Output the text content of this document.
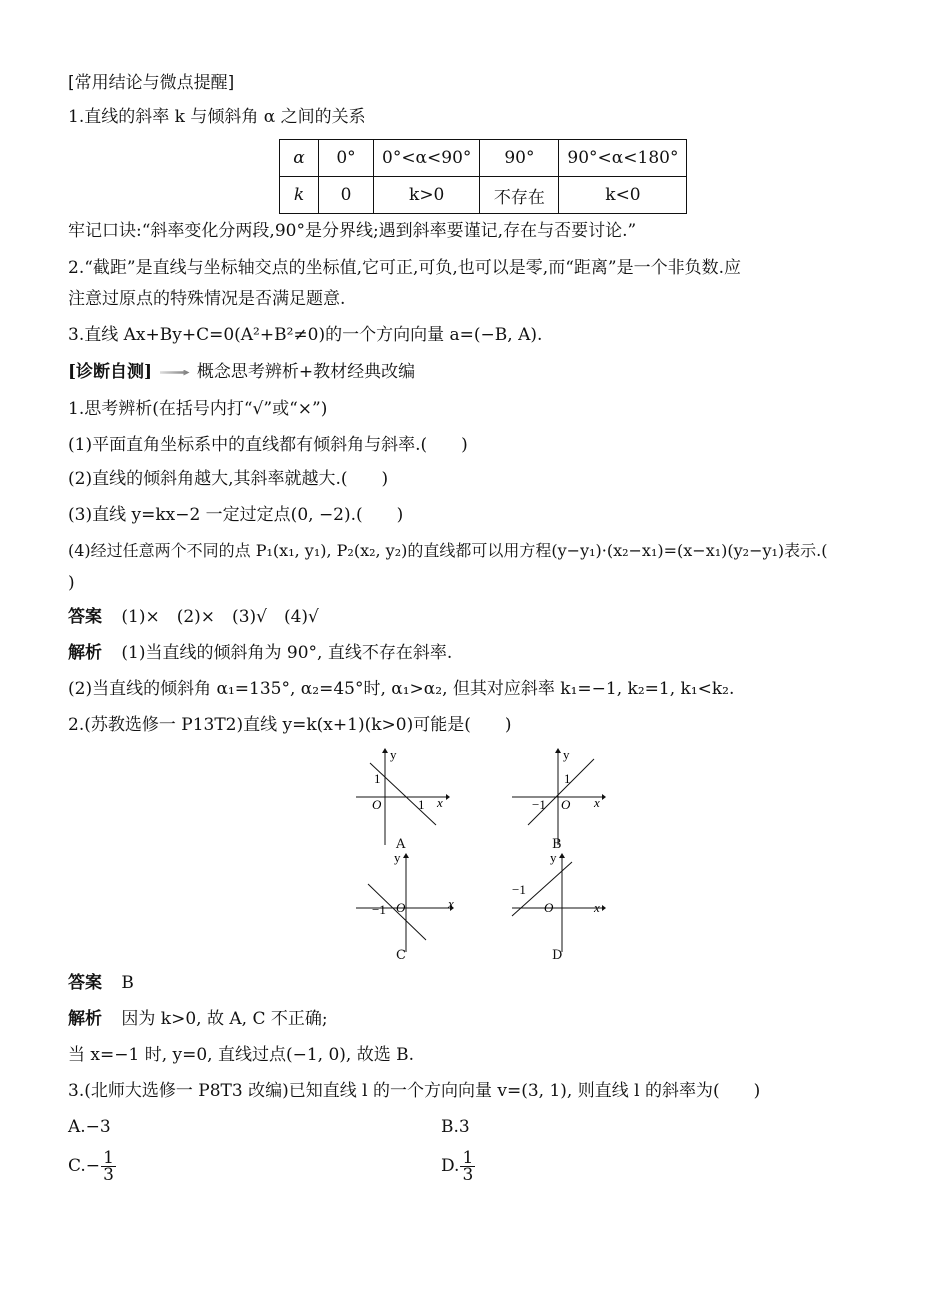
[常用结论与微点提醒]
1.直线的斜率 k 与倾斜角 α 之间的关系
α	0°	0°<α<90°	90°	90°<α<180°
k	0	k>0	不存在	k<0
牢记口诀:“斜率变化分两段,90°是分界线;遇到斜率要谨记,存在与否要讨论.”
2.“截距”是直线与坐标轴交点的坐标值,它可正,可负,也可以是零,而“距离”是一个非负数.应
注意过原点的特殊情况是否满足题意.
3.直线 Ax+By+C=0(A²+B²≠0)的一个方向向量 a=(−B, A).
[诊断自测]	概念思考辨析+教材经典改编
1.思考辨析(在括号内打“√”或“×”)
(1)平面直角坐标系中的直线都有倾斜角与斜率.(　　)
(2)直线的倾斜角越大,其斜率就越大.(　　)
(3)直线 y=kx−2 一定过定点(0, −2).(　　)
(4)经过任意两个不同的点 P₁(x₁, y₁), P₂(x₂, y₂)的直线都可以用方程(y−y₁)·(x₂−x₁)=(x−x₁)(y₂−y₁)表示.(
)
答案 (1)×　(2)×　(3)√　(4)√
解析 (1)当直线的倾斜角为 90°, 直线不存在斜率.
(2)当直线的倾斜角 α₁=135°, α₂=45°时, α₁>α₂, 但其对应斜率 k₁=−1, k₂=1, k₁<k₂.
2.(苏教选修一 P13T2)直线 y=k(x+1)(k>0)可能是(　　)
y
1
O	1 x
A
y
1
−1 O x
B
y
−1 O	x
C
y
−1
O	x
D
答案 B
解析 因为 k>0, 故 A, C 不正确;
当 x=−1 时, y=0, 直线过点(−1, 0), 故选 B.
3.(北师大选修一 P8T3 改编)已知直线 l 的一个方向向量 v=(3, 1), 则直线 l 的斜率为(　　)
A.−3	B.3
$C.- \frac{1}{3}$	D. $\frac{1}{3}$
